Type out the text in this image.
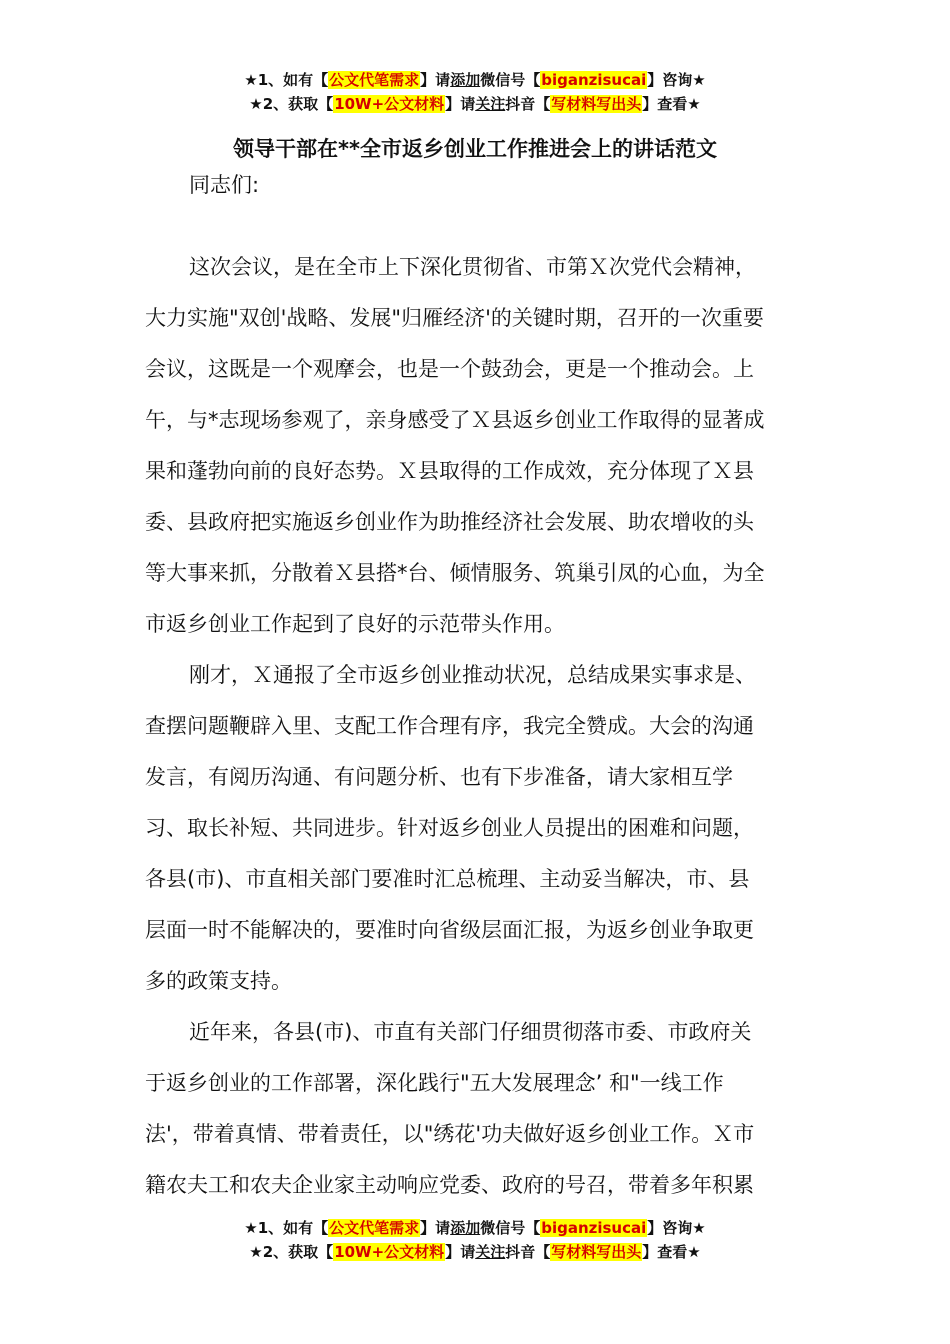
★1、如有【公文代笔需求】请添加微信号【biganzisucai】咨询★
★2、获取【10W+公文材料】请关注抖音【写材料写出头】查看★
领导干部在**全市返乡创业工作推进会上的讲话范文

同志们:

这次会议，是在全市上下深化贯彻省、市第Ｘ次党代会精神，
大力实施"双创'战略、发展"归雁经济'的关键时期，召开的一次重要
会议，这既是一个观摩会，也是一个鼓劲会，更是一个推动会。上
午，与*志现场参观了，亲身感受了Ｘ县返乡创业工作取得的显著成
果和蓬勃向前的良好态势。Ｘ县取得的工作成效，充分体现了Ｘ县
委、县政府把实施返乡创业作为助推经济社会发展、助农增收的头
等大事来抓，分散着Ｘ县搭*台、倾情服务、筑巢引凤的心血，为全
市返乡创业工作起到了良好的示范带头作用。

刚才，Ｘ通报了全市返乡创业推动状况，总结成果实事求是、
查摆问题鞭辟入里、支配工作合理有序，我完全赞成。大会的沟通
发言，有阅历沟通、有问题分析、也有下步准备，请大家相互学
习、取长补短、共同进步。针对返乡创业人员提出的困难和问题，
各县(市)、市直相关部门要准时汇总梳理、主动妥当解决，市、县
层面一时不能解决的，要准时向省级层面汇报，为返乡创业争取更
多的政策支持。

近年来，各县(市)、市直有关部门仔细贯彻落市委、市政府关
于返乡创业的工作部署，深化践行"五大发展理念’ 和"一线工作
法'，带着真情、带着责任，以"绣花'功夫做好返乡创业工作。Ｘ市
籍农夫工和农夫企业家主动响应党委、政府的号召，带着多年积累

★1、如有【公文代笔需求】请添加微信号【biganzisucai】咨询★
★2、获取【10W+公文材料】请关注抖音【写材料写出头】查看★
